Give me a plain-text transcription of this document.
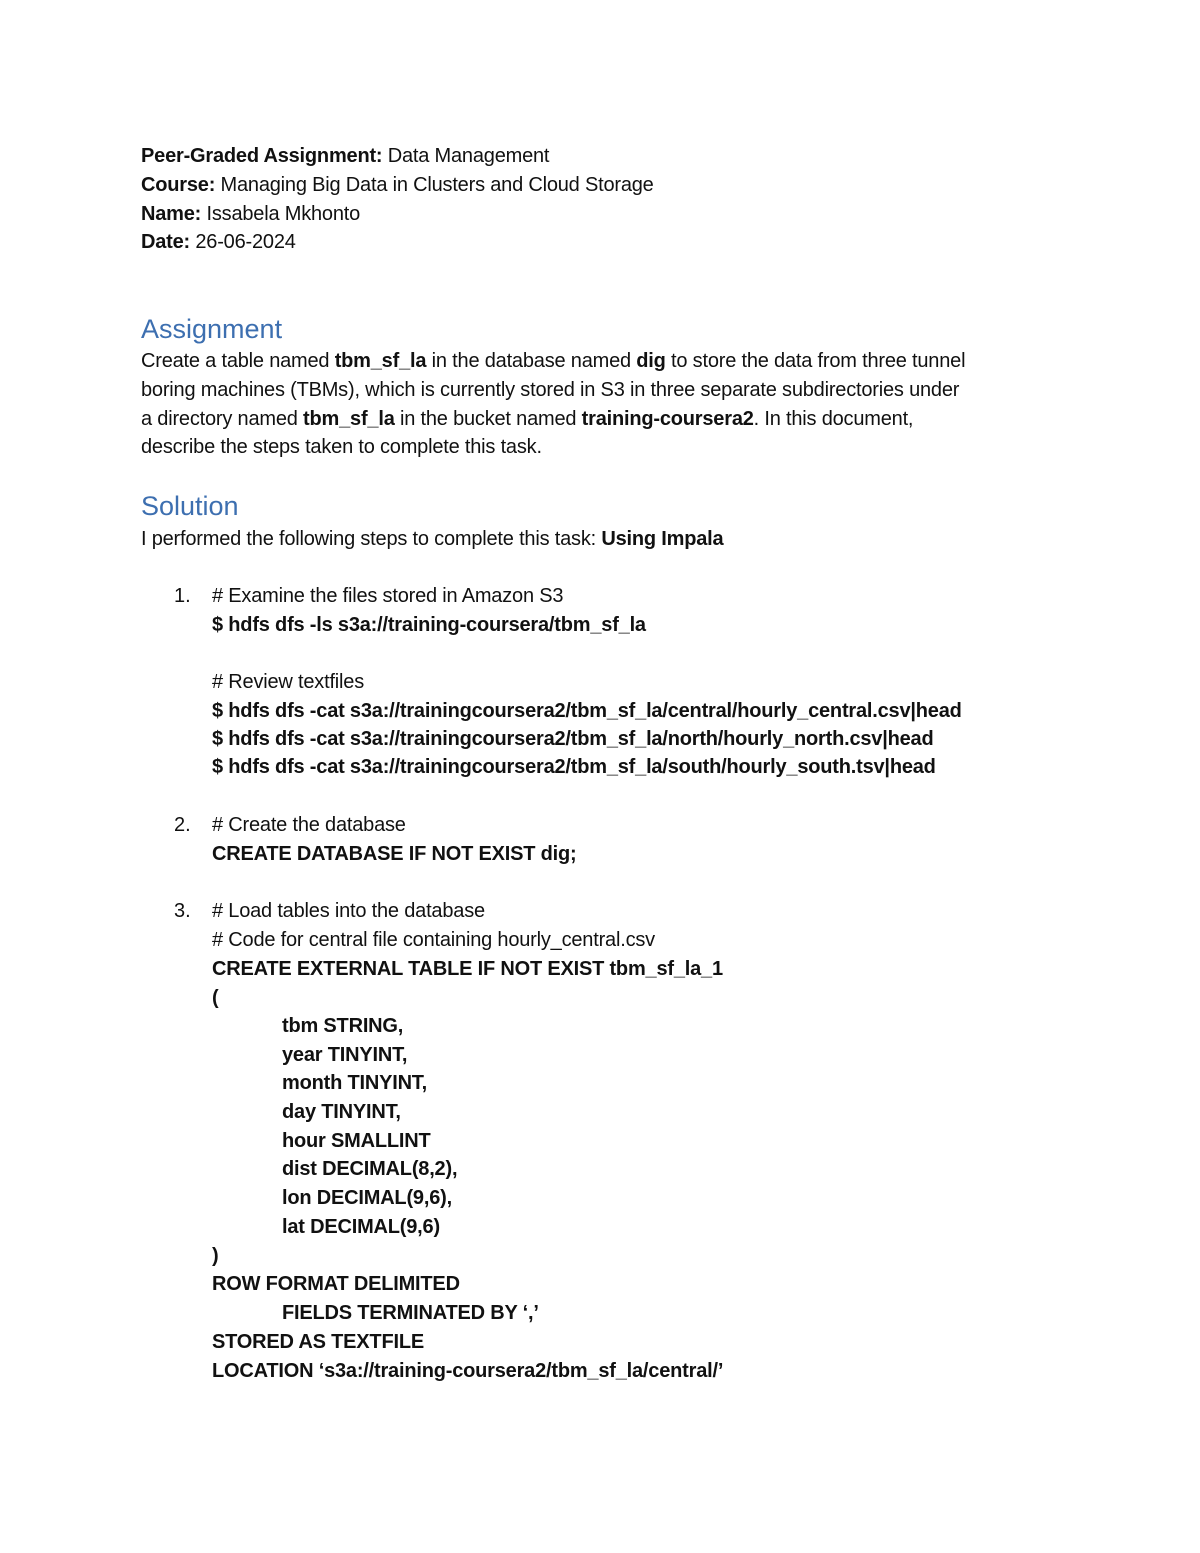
Peer-Graded Assignment: Data Management
Course: Managing Big Data in Clusters and Cloud Storage
Name: Issabela Mkhonto
Date: 26-06-2024
Assignment
Create a table named tbm_sf_la in the database named dig to store the data from three tunnel
boring machines (TBMs), which is currently stored in S3 in three separate subdirectories under
a directory named tbm_sf_la in the bucket named training-coursera2. In this document,
describe the steps taken to complete this task.
Solution
I performed the following steps to complete this task: Using Impala
1. # Examine the files stored in Amazon S3
$ hdfs dfs -ls s3a://training-coursera/tbm_sf_la
# Review textfiles
$ hdfs dfs -cat s3a://trainingcoursera2/tbm_sf_la/central/hourly_central.csv|head
$ hdfs dfs -cat s3a://trainingcoursera2/tbm_sf_la/north/hourly_north.csv|head
$ hdfs dfs -cat s3a://trainingcoursera2/tbm_sf_la/south/hourly_south.tsv|head
2. # Create the database
CREATE DATABASE IF NOT EXIST dig;
3. # Load tables into the database
# Code for central file containing hourly_central.csv
CREATE EXTERNAL TABLE IF NOT EXIST tbm_sf_la_1
(
tbm STRING,
year TINYINT,
month TINYINT,
day TINYINT,
hour SMALLINT
dist DECIMAL(8,2),
lon DECIMAL(9,6),
lat DECIMAL(9,6)
)
ROW FORMAT DELIMITED
FIELDS TERMINATED BY ‘,’
STORED AS TEXTFILE
LOCATION ‘s3a://training-coursera2/tbm_sf_la/central/’
